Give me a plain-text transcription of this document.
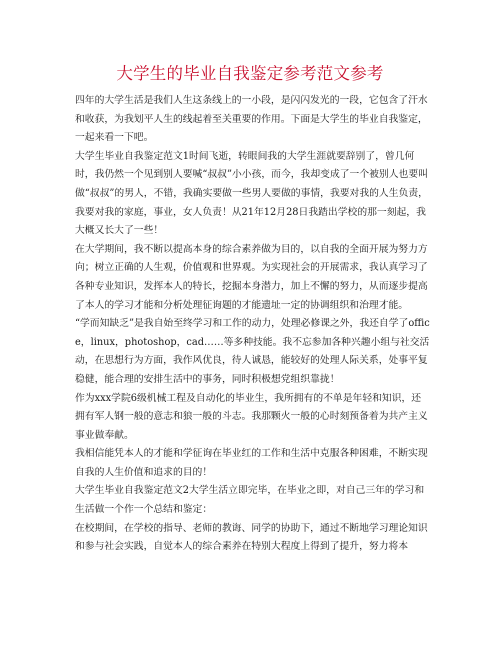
大学生的毕业自我鉴定参考范文参考

四年的大学生活是我们人生这条线上的一小段，是闪闪发光的一段，它包含了汗水和收获，为我划平人生的线起着至关重要的作用。下面是大学生的毕业自我鉴定，一起来看一下吧。

大学生毕业自我鉴定范文1时间飞逝，转眼间我的大学生涯就要辞别了，曾几何时，我仍然一个见到别人要喊“叔叔”小小孩，而今，我却变成了一个被别人也要叫做“叔叔”的男人，不错，我确实要做一些男人要做的事情，我要对我的人生负责，我要对我的家庭，事业，女人负责！从21年12月28日我踏出学校的那一刻起，我大概又长大了一些！

在大学期间，我不断以提高本身的综合素养做为目的，以自我的全面开展为努力方向；树立正确的人生观，价值观和世界观。为实现社会的开展需求，我认真学习了各种专业知识，发挥本人的特长，挖掘本身潜力，加上不懈的努力，从而逐步提高了本人的学习才能和分析处理征询题的才能遗址一定的协调组织和治理才能。

“学而知缺乏”是我自始至终学习和工作的动力，处理必修课之外，我还自学了office，linux，photoshop，cad……等多种技能。我不忘参加各种兴趣小组与社交活动，在思想行为方面，我作风优良，待人诚恳，能较好的处理人际关系，处事平复稳健，能合理的安排生活中的事务，同时积极想党组织靠拢！

作为xxx学院6级机械工程及自动化的毕业生，我所拥有的不单是年轻和知识，还拥有军人钢一般的意志和狼一般的斗志。我那颗火一般的心时刻预备着为共产主义事业做奉献。

我相信能凭本人的才能和学征询在毕业红的工作和生活中克服各种困难，不断实现自我的人生价值和追求的目的！

大学生毕业自我鉴定范文2大学生活立即完毕，在毕业之即，对自己三年的学习和生活做一个作一个总结和鉴定：

在校期间，在学校的指导、老师的教诲、同学的协助下，通过不断地学习理论知识和参与社会实践，自觉本人的综合素养在特别大程度上得到了提升，努力将本
